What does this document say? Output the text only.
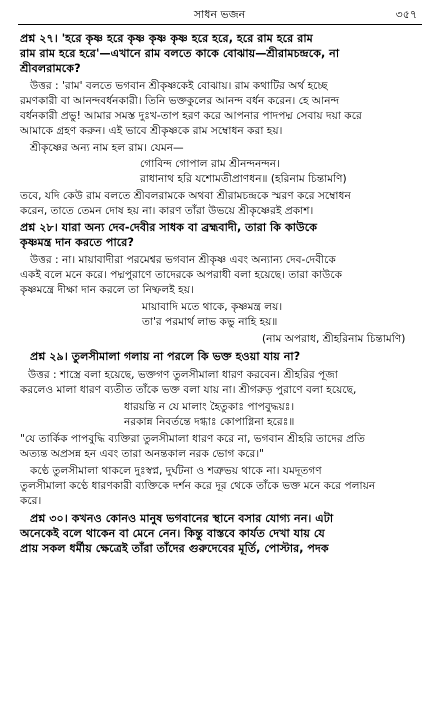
সাধন ভজন	৩৫৭
প্রশ্ন ২৭। 'হরে কৃষ্ণ হরে কৃষ্ণ কৃষ্ণ কৃষ্ণ হরে হরে, হরে রাম হরে রাম
রাম রাম হরে হরে'—এখানে রাম বলতে কাকে বোঝায়—শ্রীরামচন্দ্রকে, না
শ্রীবলরামকে?
উত্তর : 'রাম' বলতে ভগবান শ্রীকৃষ্ণকেই বোঝায়। রাম কথাটির অর্থ হচ্ছে
রমণকারী বা আনন্দবর্ধনকারী। তিনি ভক্তকুলের আনন্দ বর্ধন করেন। হে আনন্দ
বর্ধনকারী প্রভু! আমার সমস্ত দুঃখ-তাপ হরণ করে আপনার পাদপদ্ম সেবায় দয়া করে
আমাকে গ্রহণ করুন। এই ভাবে শ্রীকৃষ্ণকে রাম সম্বোধন করা হয়।
শ্রীকৃষ্ণের অন্য নাম হল রাম। যেমন—
গোবিন্দ গোপাল রাম শ্রীনন্দনন্দন।
রাধানাথ হরি যশোমতীপ্রাণধন॥ (হরিনাম চিন্তামণি)
তবে, যদি কেউ রাম বলতে শ্রীবলরামকে অথবা শ্রীরামচন্দ্রকে স্মরণ করে সম্বোধন
করেন, তাতে তেমন দোষ হয় না। কারণ তাঁরা উভয়ে শ্রীকৃষ্ণেরই প্রকাশ।
প্রশ্ন ২৮। যারা অন্য দেব-দেবীর সাধক বা ব্রহ্মবাদী, তারা কি কাউকে
কৃষ্ণমন্ত্র দান করতে পারে?
উত্তর : না। মায়াবাদীরা পরমেশ্বর ভগবান শ্রীকৃষ্ণ এবং অন্যান্য দেব-দেবীকে
একই বলে মনে করে। পদ্মপুরাণে তাদেরকে অপরাধী বলা হয়েছে। তারা কাউকে
কৃষ্ণমন্ত্রে দীক্ষা দান করলে তা নিষ্ফলই হয়।
মায়াবাদি মতে থাকে, কৃষ্ণমন্ত্র লয়।
তা'র পরমার্থ লাভ কভু নাহি হয়॥
(নাম অপরাধ, শ্রীহরিনাম চিন্তামণি)
প্রশ্ন ২৯। তুলসীমালা গলায় না পরলে কি ভক্ত হওয়া যায় না?
উত্তর : শাস্ত্রে বলা হয়েছে, ভক্তগণ তুলসীমালা ধারণ করবেন। শ্রীহরির পূজা
করলেও মালা ধারণ ব্যতীত তাঁকে ভক্ত বলা যায় না। শ্রীগরুড় পুরাণে বলা হয়েছে,
ধারয়ন্তি ন যে মালাং হৈতুকাঃ পাপবুদ্ধয়ঃ।
নরকান্ন নিবর্তন্তে দগ্ধাঃ কোপাগ্নিনা হরেঃ॥
"যে তার্কিক পাপবুদ্ধি ব্যক্তিরা তুলসীমালা ধারণ করে না, ভগবান শ্রীহরি তাদের প্রতি
অত্যন্ত অপ্রসন্ন হন এবং তারা অনন্তকাল নরক ভোগ করে।"
কণ্ঠে তুলসীমালা থাকলে দুঃস্বপ্ন, দুর্ঘটনা ও শত্রুভয় থাকে না। যমদূতগণ
তুলসীমালা কণ্ঠে ধারণকারী ব্যক্তিকে দর্শন করে দূর থেকে তাঁকে ভক্ত মনে করে পলায়ন
করে।
প্রশ্ন ৩০। কখনও কোনও মানুষ ভগবানের স্থানে বসার যোগ্য নন। এটা
অনেকেই বলে থাকেন বা মেনে নেন। কিন্তু বাস্তবে কার্যত দেখা যায় যে
প্রায় সকল ধর্মীয় ক্ষেত্রেই তাঁরা তাঁদের গুরুদেবের মূর্তি, পোস্টার, পদক
